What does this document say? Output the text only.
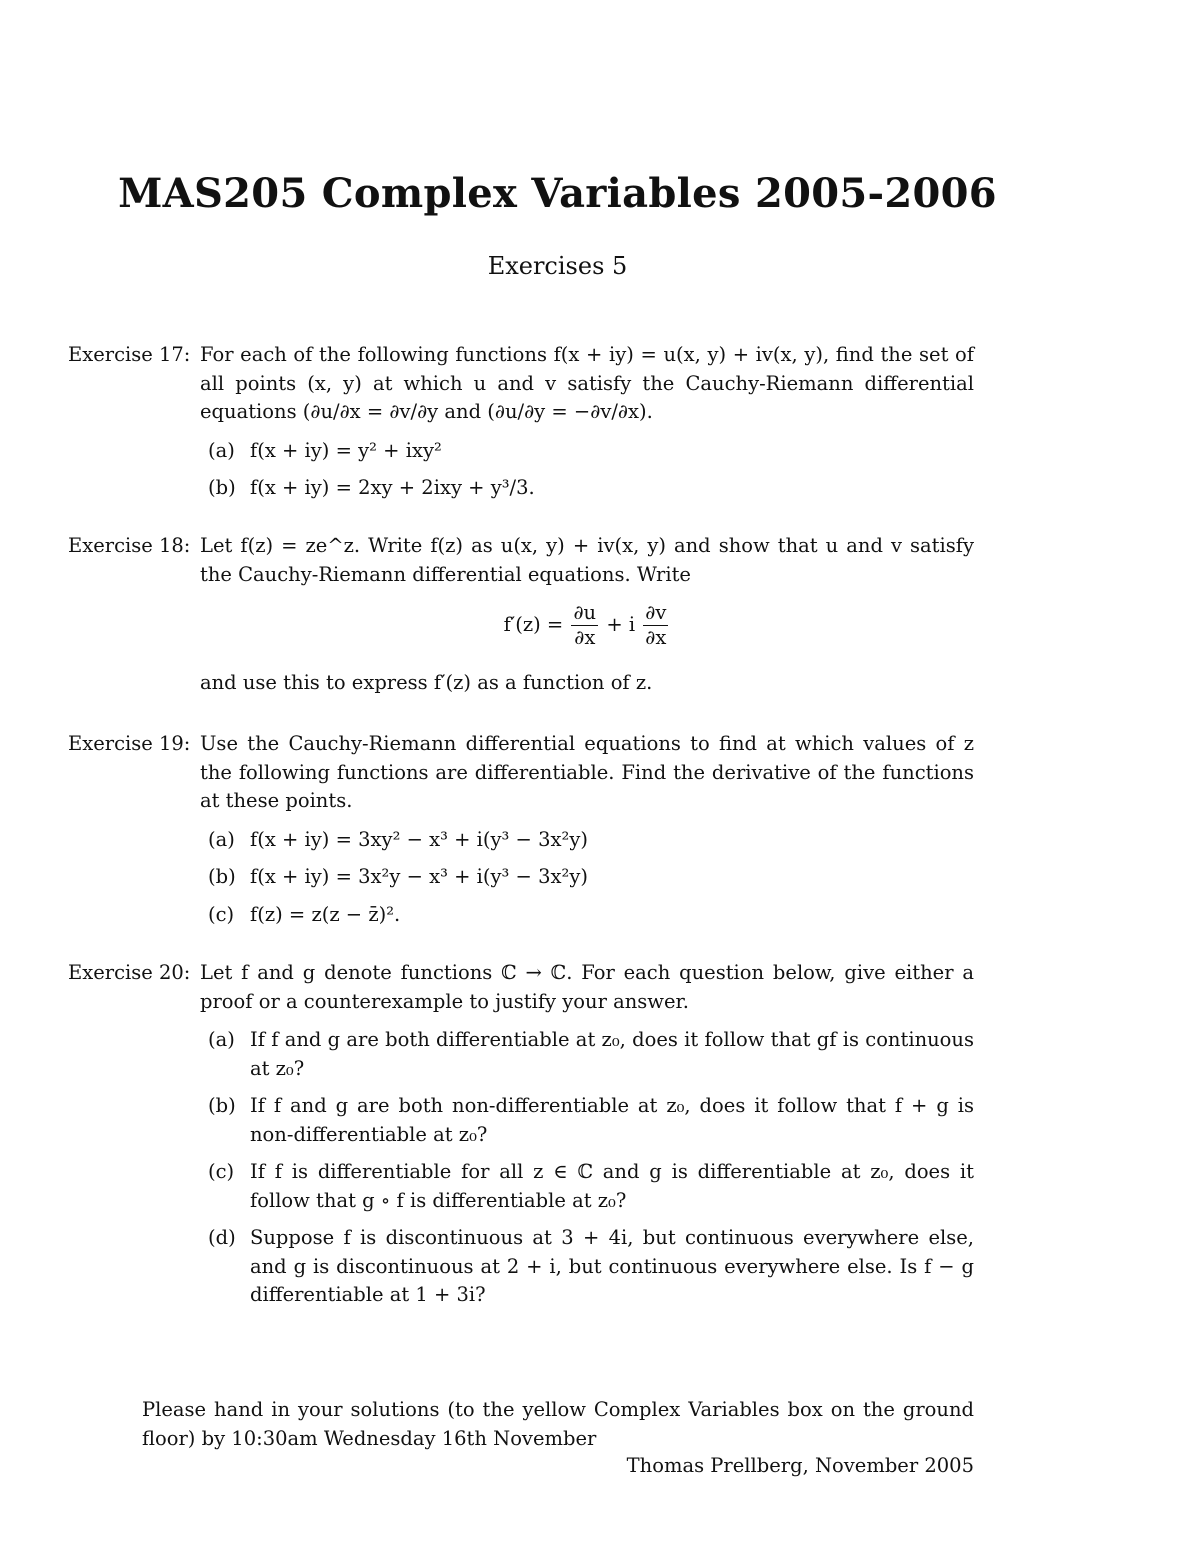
MAS205 Complex Variables 2005-2006
Exercises 5
Exercise 17: For each of the following functions f(x + iy) = u(x, y) + iv(x, y), find the set of all points (x, y) at which u and v satisfy the Cauchy-Riemann differential equations (∂u/∂x = ∂v/∂y and (∂u/∂y = −∂v/∂x).
(a) f(x + iy) = y² + ixy²
(b) f(x + iy) = 2xy + 2ixy + y³/3.
Exercise 18: Let f(z) = ze^z. Write f(z) as u(x, y) + iv(x, y) and show that u and v satisfy the Cauchy-Riemann differential equations. Write
$f'(z) = \frac{\partial u}{\partial x} + i \frac{\partial v}{\partial x}$
and use this to express f′(z) as a function of z.
Exercise 19: Use the Cauchy-Riemann differential equations to find at which values of z the following functions are differentiable. Find the derivative of the functions at these points.
(a) f(x + iy) = 3xy² − x³ + i(y³ − 3x²y)
(b) f(x + iy) = 3x²y − x³ + i(y³ − 3x²y)
(c) f(z) = z(z − z̄)².
Exercise 20: Let f and g denote functions ℂ → ℂ. For each question below, give either a proof or a counterexample to justify your answer.
(a) If f and g are both differentiable at z₀, does it follow that gf is continuous at z₀?
(b) If f and g are both non-differentiable at z₀, does it follow that f + g is non-differentiable at z₀?
(c) If f is differentiable for all z ∈ ℂ and g is differentiable at z₀, does it follow that g ∘ f is differentiable at z₀?
(d) Suppose f is discontinuous at 3 + 4i, but continuous everywhere else, and g is discontinuous at 2 + i, but continuous everywhere else. Is f − g differentiable at 1 + 3i?
Please hand in your solutions (to the yellow Complex Variables box on the ground floor) by 10:30am Wednesday 16th November
Thomas Prellberg, November 2005
